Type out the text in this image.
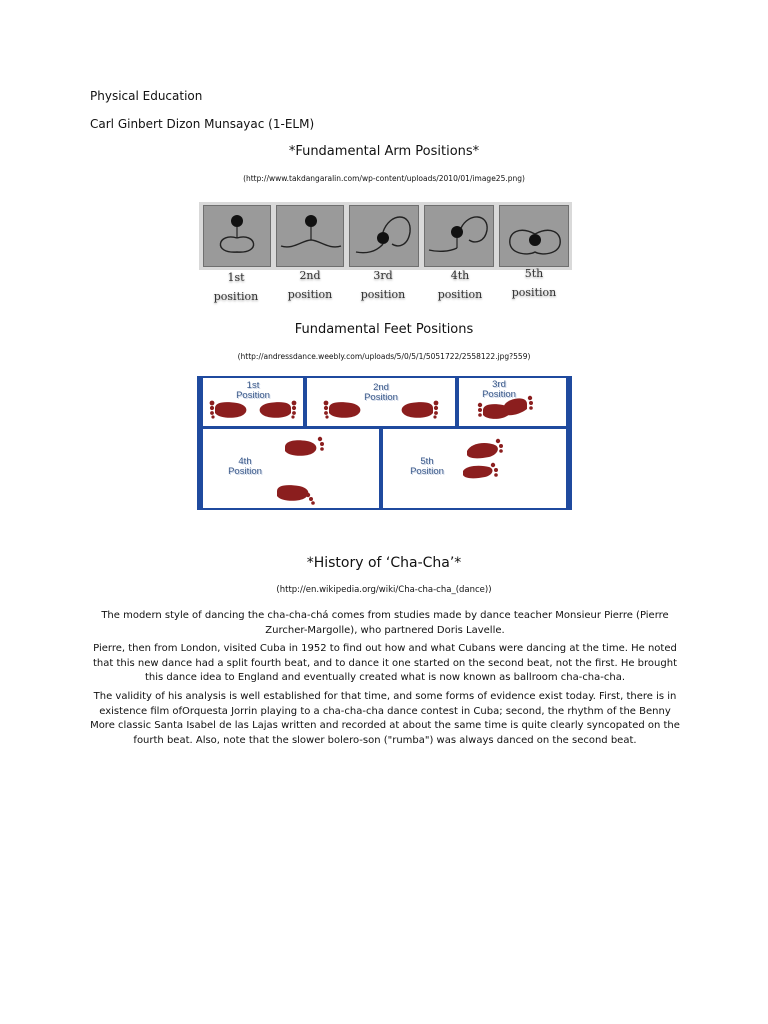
Physical Education
Carl Ginbert Dizon Munsayac (1-ELM)
*Fundamental Arm Positions*
(http://www.takdangaralin.com/wp-content/uploads/2010/01/image25.png)
1st
position
2nd
position
3rd
position
4th
position
5th
position
Fundamental Feet Positions
(http://andressdance.weebly.com/uploads/5/0/5/1/5051722/2558122.jpg?559)
1st
Position
2nd
Position
3rd
Position
4th
Position
5th
Position
*History of ‘Cha-Cha’*
(http://en.wikipedia.org/wiki/Cha-cha-cha_(dance))
The modern style of dancing the cha-cha-chá comes from studies made by dance teacher Monsieur Pierre (Pierre Zurcher-Margolle), who partnered Doris Lavelle.
Pierre, then from London, visited Cuba in 1952 to find out how and what Cubans were dancing at the time. He noted that this new dance had a split fourth beat, and to dance it one started on the second beat, not the first. He brought this dance idea to England and eventually created what is now known as ballroom cha-cha-cha.
The validity of his analysis is well established for that time, and some forms of evidence exist today. First, there is in existence film ofOrquesta Jorrin playing to a cha-cha-cha dance contest in Cuba; second, the rhythm of the Benny More classic Santa Isabel de las Lajas written and recorded at about the same time is quite clearly syncopated on the fourth beat. Also, note that the slower bolero-son ("rumba") was always danced on the second beat.
